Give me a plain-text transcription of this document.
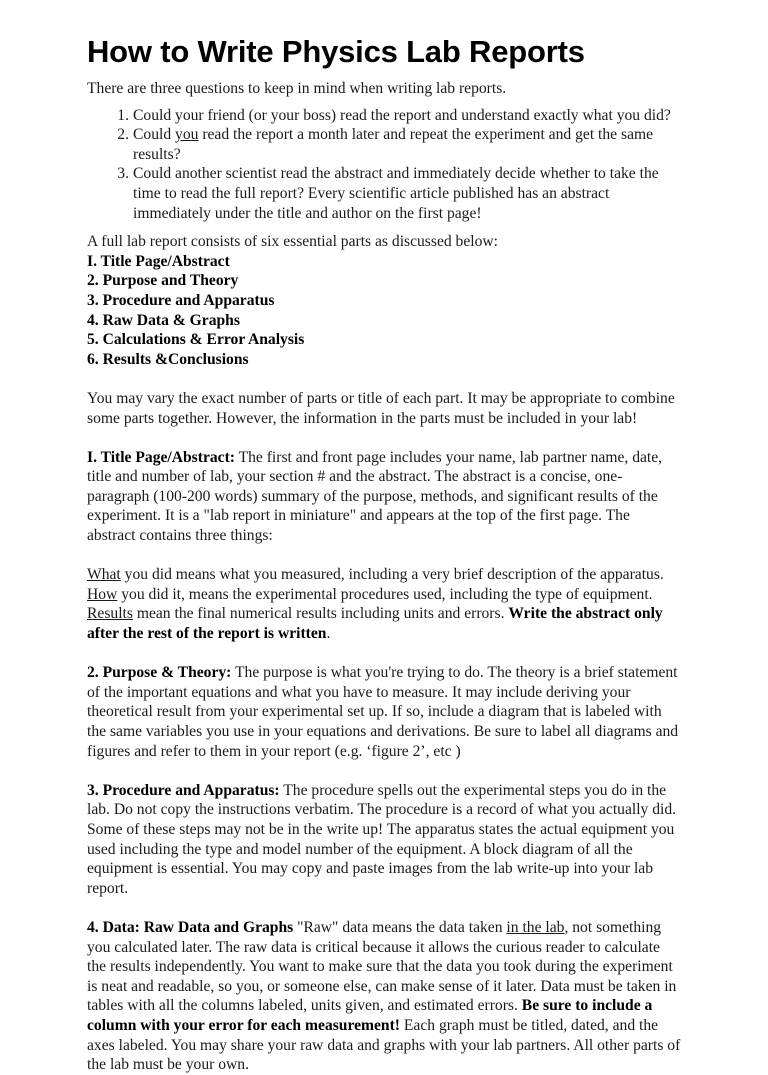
How to Write Physics Lab Reports

There are three questions to keep in mind when writing lab reports.

Could your friend (or your boss) read the report and understand exactly what you did?
Could you read the report a month later and repeat the experiment and get the same results?
Could another scientist read the abstract and immediately decide whether to take the time to read the full report? Every scientific article published has an abstract immediately under the title and author on the first page!

A full lab report consists of six essential parts as discussed below:

I. Title Page/Abstract
2. Purpose and Theory
3. Procedure and Apparatus
4. Raw Data & Graphs
5. Calculations & Error Analysis
6. Results &Conclusions

You may vary the exact number of parts or title of each part. It may be appropriate to combine some parts together. However, the information in the parts must be included in your lab!

I. Title Page/Abstract: The first and front page includes your name, lab partner name, date, title and number of lab, your section # and the abstract. The abstract is a concise, one-paragraph (100-200 words) summary of the purpose, methods, and significant results of the experiment. It is a "lab report in miniature" and appears at the top of the first page. The abstract contains three things:

What you did means what you measured, including a very brief description of the apparatus.
How you did it, means the experimental procedures used, including the type of equipment.
Results mean the final numerical results including units and errors. Write the abstract only after the rest of the report is written.

2. Purpose & Theory: The purpose is what you're trying to do. The theory is a brief statement of the important equations and what you have to measure. It may include deriving your theoretical result from your experimental set up. If so, include a diagram that is labeled with the same variables you use in your equations and derivations. Be sure to label all diagrams and figures and refer to them in your report (e.g. ‘figure 2’, etc )

3. Procedure and Apparatus: The procedure spells out the experimental steps you do in the lab. Do not copy the instructions verbatim. The procedure is a record of what you actually did. Some of these steps may not be in the write up! The apparatus states the actual equipment you used including the type and model number of the equipment. A block diagram of all the equipment is essential. You may copy and paste images from the lab write-up into your lab report.

4. Data: Raw Data and Graphs "Raw" data means the data taken in the lab, not something you calculated later. The raw data is critical because it allows the curious reader to calculate the results independently. You want to make sure that the data you took during the experiment is neat and readable, so you, or someone else, can make sense of it later. Data must be taken in tables with all the columns labeled, units given, and estimated errors. Be sure to include a column with your error for each measurement! Each graph must be titled, dated, and the axes labeled. You may share your raw data and graphs with your lab partners. All other parts of the lab must be your own.
